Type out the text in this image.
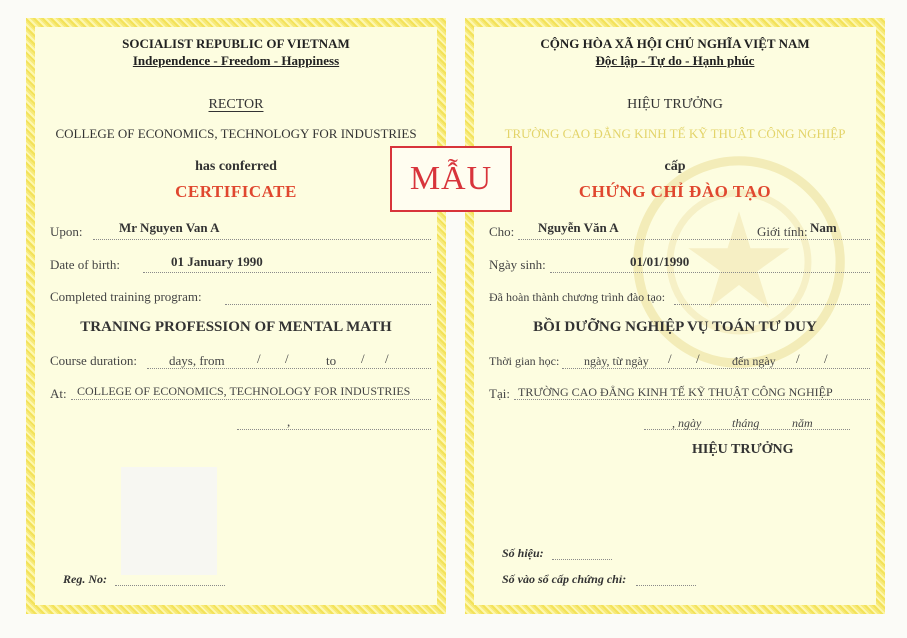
SOCIALIST REPUBLIC OF VIETNAM
Independence - Freedom - Happiness
RECTOR
COLLEGE OF ECONOMICS, TECHNOLOGY FOR INDUSTRIES
has conferred
CERTIFICATE
Upon:	Mr Nguyen Van A
Date of birth:	01 January 1990
Completed training program:
TRANING PROFESSION OF MENTAL MATH
Course duration: days, from / /	to / /
At: COLLEGE OF ECONOMICS, TECHNOLOGY FOR INDUSTRIES
,
Reg. No:
CỘNG HÒA XÃ HỘI CHỦ NGHĨA VIỆT NAM
Độc lập - Tự do - Hạnh phúc
HIỆU TRƯỞNG
TRƯỜNG CAO ĐẲNG KINH TẾ KỸ THUẬT CÔNG NGHIỆP
cấp
CHỨNG CHỈ ĐÀO TẠO
Cho: Nguyễn Văn A	Giới tính: Nam
Ngày sinh:	01/01/1990
Đã hoàn thành chương trình đào tạo:
BỒI DƯỠNG NGHIỆP VỤ TOÁN TƯ DUY
Thời gian học: ngày, từ ngày / /	đến ngày / /
Tại: TRƯỜNG CAO ĐẲNG KINH TẾ KỸ THUẬT CÔNG NGHIỆP
, ngày	tháng	năm
HIỆU TRƯỞNG
Số hiệu:
Số vào sổ cấp chứng chỉ:
MẪU
